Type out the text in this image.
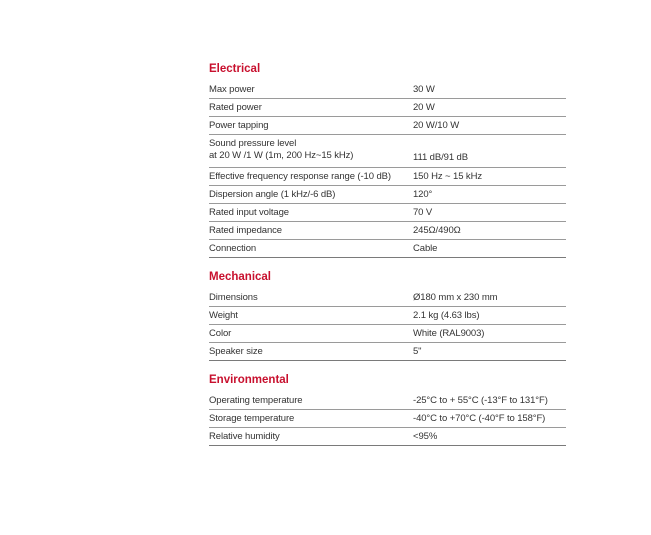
Electrical
Max power	30 W
Rated power	20 W
Power tapping	20 W/10 W
Sound pressure level
at 20 W /1 W (1m, 200 Hz~15 kHz)	111 dB/91 dB
Effective frequency response range (-10 dB)	150 Hz ~ 15 kHz
Dispersion angle (1 kHz/-6 dB)	120°
Rated input voltage	70 V
Rated impedance	245Ω/490Ω
Connection	Cable
Mechanical
Dimensions	Ø180 mm x 230 mm
Weight	2.1 kg (4.63 lbs)
Color	White (RAL9003)
Speaker size	5"
Environmental
Operating temperature	-25°C to + 55°C (-13°F to 131°F)
Storage temperature	-40°C to +70°C (-40°F to 158°F)
Relative humidity	<95%
